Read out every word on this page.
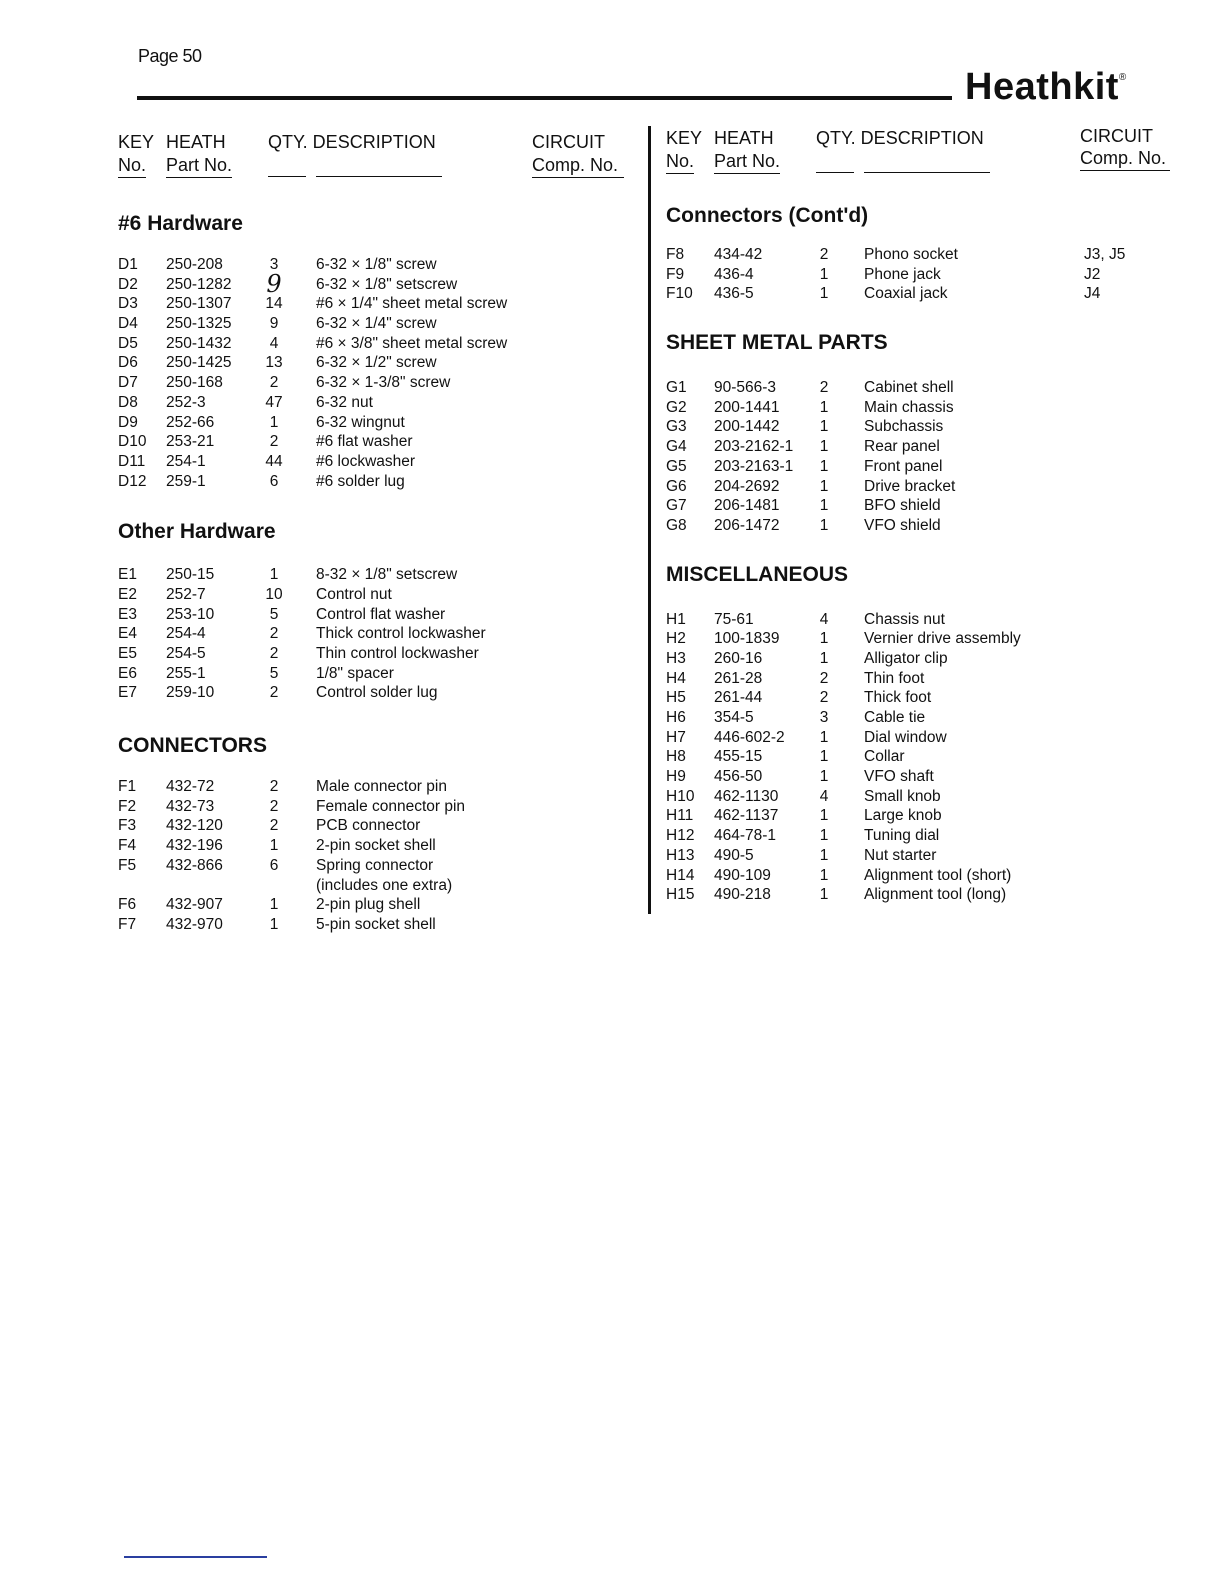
Page 50
Heathkit®
KEY
No.
HEATH
Part No.
QTY. DESCRIPTION	CIRCUIT
Comp. No.
#6 Hardware
D1 250-208	3	6-32 × 1/8" screw
D2 250-1282	9	6-32 × 1/8" setscrew
D3 250-1307	14	#6 × 1/4" sheet metal screw
D4 250-1325	9	6-32 × 1/4" screw
D5 250-1432	4	#6 × 3/8" sheet metal screw
D6 250-1425	13	6-32 × 1/2" screw
D7 250-168	2	6-32 × 1-3/8" screw
D8 252-3	47	6-32 nut
D9 252-66	1	6-32 wingnut
D10 253-21	2	#6 flat washer
D11 254-1	44	#6 lockwasher
D12 259-1	6	#6 solder lug
Other Hardware
E1 250-15	1	8-32 × 1/8" setscrew
E2 252-7	10	Control nut
E3 253-10	5	Control flat washer
E4 254-4	2	Thick control lockwasher
E5 254-5	2	Thin control lockwasher
E6 255-1	5	1/8" spacer
E7 259-10	2	Control solder lug
CONNECTORS
F1 432-72	2	Male connector pin
F2 432-73	2	Female connector pin
F3 432-120	2	PCB connector
F4 432-196	1	2-pin socket shell
F5 432-866	6	Spring connector
(includes one extra)
F6 432-907	1	2-pin plug shell
F7 432-970	1	5-pin socket shell
KEY
No.
HEATH
Part No.
QTY. DESCRIPTION	CIRCUIT
Comp. No.
Connectors (Cont'd)
F8 434-42	2	Phono socket	J3, J5
F9 436-4	1	Phone jack	J2
F10 436-5	1	Coaxial jack	J4
SHEET METAL PARTS
G1 90-566-3	2	Cabinet shell
G2 200-1441	1	Main chassis
G3 200-1442	1	Subchassis
G4 203-2162-1	1	Rear panel
G5 203-2163-1	1	Front panel
G6 204-2692	1	Drive bracket
G7 206-1481	1	BFO shield
G8 206-1472	1	VFO shield
MISCELLANEOUS
H1 75-61	4	Chassis nut
H2 100-1839	1	Vernier drive assembly
H3 260-16	1	Alligator clip
H4 261-28	2	Thin foot
H5 261-44	2	Thick foot
H6 354-5	3	Cable tie
H7 446-602-2	1	Dial window
H8 455-15	1	Collar
H9 456-50	1	VFO shaft
H10 462-1130	4	Small knob
H11 462-1137	1	Large knob
H12 464-78-1	1	Tuning dial
H13 490-5	1	Nut starter
H14 490-109	1	Alignment tool (short)
H15 490-218	1	Alignment tool (long)
